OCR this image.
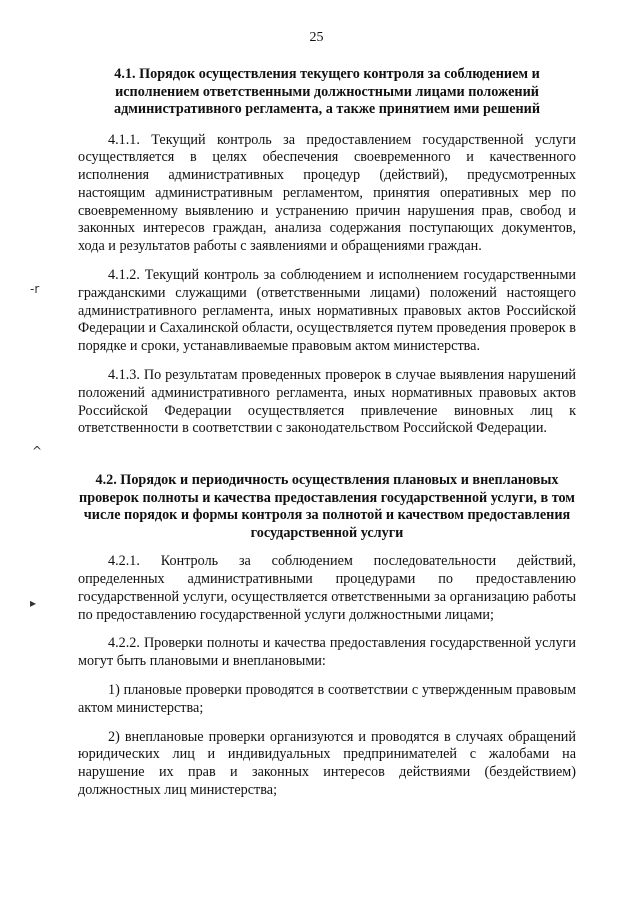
25
-r
^
▸
4.1. Порядок осуществления текущего контроля за соблюдением и исполнением ответственными должностными лицами положений административного регламента, а также принятием ими решений

4.1.1. Текущий контроль за предоставлением государственной услуги осуществляется в целях обеспечения своевременного и качественного исполнения административных процедур (действий), предусмотренных настоящим административным регламентом, принятия оперативных мер по своевременному выявлению и устранению причин нарушения прав, свобод и законных интересов граждан, анализа содержания поступающих документов, хода и результатов работы с заявлениями и обращениями граждан.

4.1.2. Текущий контроль за соблюдением и исполнением государственными гражданскими служащими (ответственными лицами) положений настоящего административного регламента, иных нормативных правовых актов Российской Федерации и Сахалинской области, осуществляется путем проведения проверок в порядке и сроки, устанавливаемые правовым актом министерства.

4.1.3. По результатам проведенных проверок в случае выявления нарушений положений административного регламента, иных нормативных правовых актов Российской Федерации осуществляется привлечение виновных лиц к ответственности в соответствии с законодательством Российской Федерации.

4.2. Порядок и периодичность осуществления плановых и внеплановых проверок полноты и качества предоставления государственной услуги, в том числе порядок и формы контроля за полнотой и качеством предоставления государственной услуги

4.2.1. Контроль за соблюдением последовательности действий, определенных административными процедурами по предоставлению государственной услуги, осуществляется ответственными за организацию работы по предоставлению государственной услуги должностными лицами;

4.2.2. Проверки полноты и качества предоставления государственной услуги могут быть плановыми и внеплановыми:

1) плановые проверки проводятся в соответствии с утвержденным правовым актом министерства;

2) внеплановые проверки организуются и проводятся в случаях обращений юридических лиц и индивидуальных предпринимателей с жалобами на нарушение их прав и законных интересов действиями (бездействием) должностных лиц министерства;
